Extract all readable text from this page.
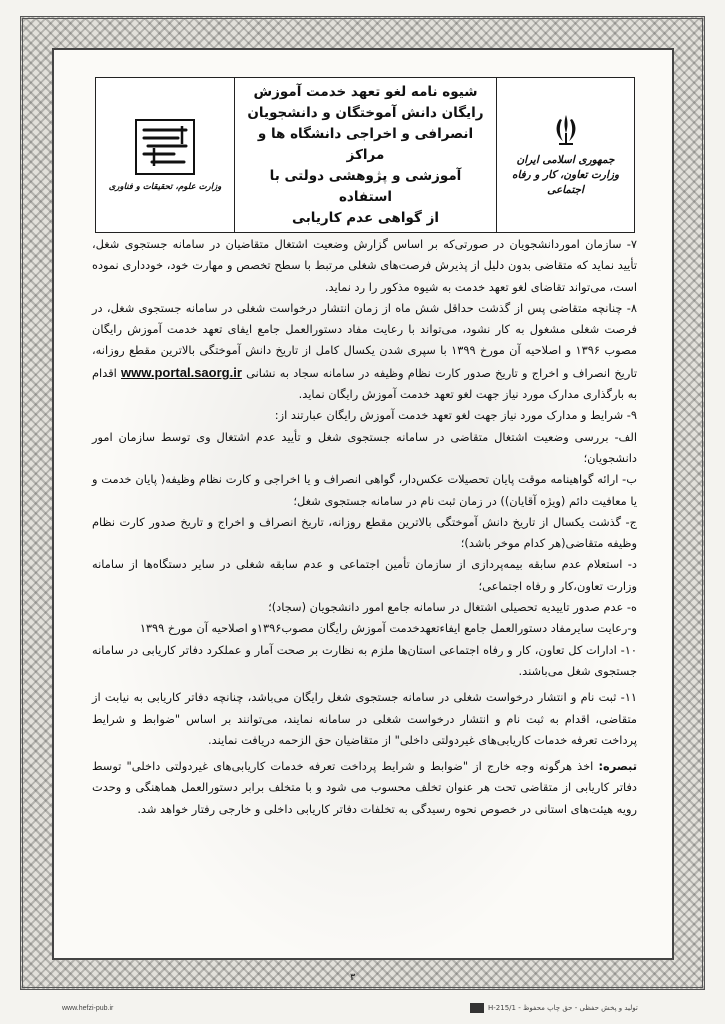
جمهوری اسلامی ایران
وزارت تعاون، کار و رفاه اجتماعی

شیوه نامه لغو تعهد خدمت آموزش

رایگان دانش آموختگان و دانشجویان

انصرافی و اخراجی دانشگاه ها و مراکز

آموزشی و پژوهشی دولتی با استفاده

از گواهی عدم کاریابی

وزارت علوم، تحقیقات و فناوری

۷- سازمان اموردانشجویان در صورتی‌که بر اساس گزارش وضعیت اشتغال متقاضیان در سامانه جستجوی شغل، تأیید نماید که متقاضی بدون دلیل از پذیرش فرصت‌های شغلی مرتبط با سطح تخصص و مهارت خود، خودداری نموده است، می‌تواند تقاضای لغو تعهد خدمت به شیوه مذکور را رد نماید.

۸- چنانچه متقاضی پس از گذشت حداقل شش ماه از زمان انتشار درخواست شغلی در سامانه جستجوی شغل، در فرصت شغلی مشغول به کار نشود، می‌تواند با رعایت مفاد دستورالعمل جامع ایفای تعهد خدمت آموزش رایگان مصوب ۱۳۹۶ و اصلاحیه آن مورخ ۱۳۹۹ با سپری شدن یکسال کامل از تاریخ دانش آموختگی بالاترین مقطع روزانه، تاریخ انصراف و اخراج و تاریخ صدور کارت نظام وظیفه در سامانه سجاد به نشانی www.portal.saorg.ir اقدام به بارگذاری مدارک مورد نیاز جهت لغو تعهد خدمت آموزش رایگان نماید.

۹- شرایط و مدارک مورد نیاز جهت لغو تعهد خدمت آموزش رایگان عبارتند از:

الف- بررسی وضعیت اشتغال متقاضی در سامانه جستجوی شغل و تأیید عدم اشتغال وی توسط سازمان امور دانشجویان؛

ب- ارائه گواهینامه موقت پایان تحصیلات عکس‌دار، گواهی انصراف و یا اخراجی و کارت نظام وظیفه( پایان خدمت و یا معافیت دائم (ویژه آقایان)) در زمان ثبت نام در سامانه جستجوی شغل؛

ج- گذشت یکسال از تاریخ دانش آموختگی بالاترین مقطع روزانه، تاریخ انصراف و اخراج و تاریخ صدور کارت نظام وظیفه متقاضی(هر کدام موخر باشد)؛

د- استعلام عدم سابقه بیمه‌پردازی از سازمان تأمین اجتماعی و عدم سابقه شغلی در سایر دستگاه‌ها از سامانه وزارت تعاون،کار و رفاه اجتماعی؛

ه- عدم صدور تاییدیه تحصیلی اشتغال در سامانه جامع امور دانشجویان (سجاد)؛

و-رعایت سایرمفاد دستورالعمل جامع ایفاءتعهدخدمت آموزش رایگان مصوب۱۳۹۶و اصلاحیه آن مورخ ۱۳۹۹

۱۰- ادارات کل تعاون، کار و رفاه اجتماعی استان‌ها ملزم به نظارت بر صحت آمار و عملکرد دفاتر کاریابی در سامانه جستجوی شغل می‌باشند.

۱۱- ثبت نام و انتشار درخواست شغلی در سامانه جستجوی شغل رایگان می‌باشد، چنانچه دفاتر کاریابی به نیابت از متقاضی، اقدام به ثبت نام و انتشار درخواست شغلی در سامانه نمایند، می‌توانند بر اساس "ضوابط و شرایط پرداخت تعرفه خدمات کاریابی‌های غیردولتی داخلی" از متقاضیان حق الزحمه دریافت نمایند.

تبصره: اخذ هرگونه وجه خارج از "ضوابط و شرایط پرداخت تعرفه خدمات کاریابی‌های غیردولتی داخلی" توسط دفاتر کاریابی از متقاضی تحت هر عنوان تخلف محسوب می شود و با متخلف برابر دستورالعمل هماهنگی و وحدت رویه هیئت‌های استانی در خصوص نحوه رسیدگی به تخلفات دفاتر کاریابی داخلی و خارجی رفتار خواهد شد.

۳
www.hefzi-pub.ir	تولید و پخش حفظی - حق چاپ محفوظ - H-215/1
